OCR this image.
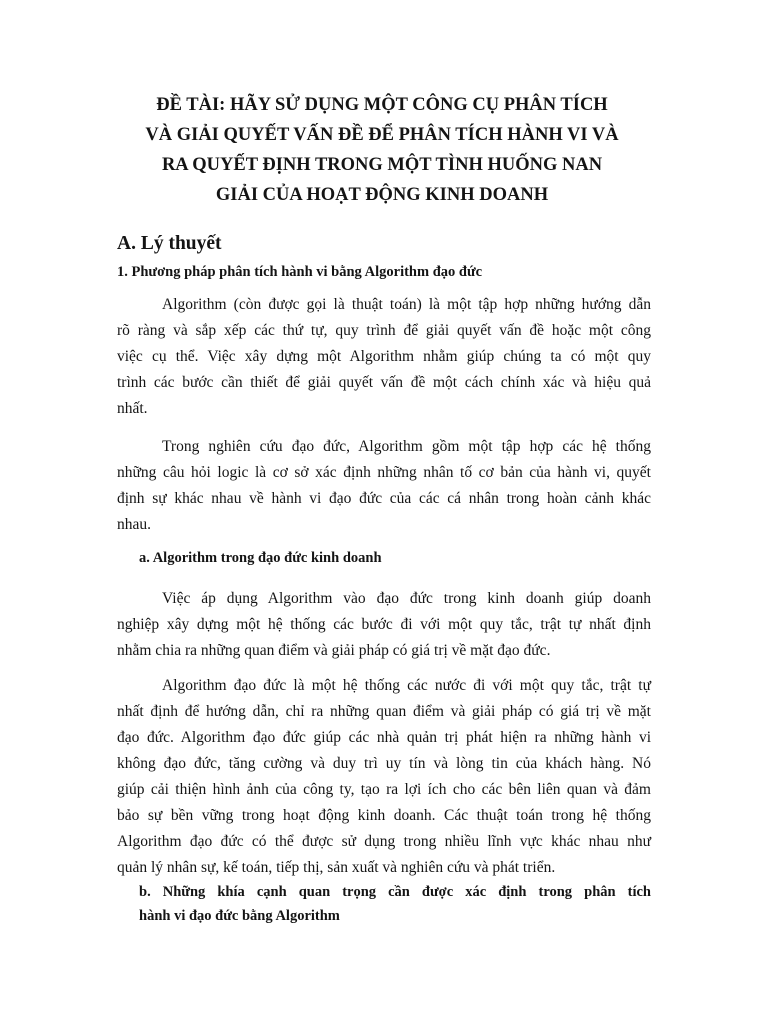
ĐỀ TÀI: HÃY SỬ DỤNG MỘT CÔNG CỤ PHÂN TÍCH
VÀ GIẢI QUYẾT VẤN ĐỀ ĐỂ PHÂN TÍCH HÀNH VI VÀ
RA QUYẾT ĐỊNH TRONG MỘT TÌNH HUỐNG NAN
GIẢI CỦA HOẠT ĐỘNG KINH DOANH
A. Lý thuyết
1. Phương pháp phân tích hành vi bằng Algorithm đạo đức
Algorithm (còn được gọi là thuật toán) là một tập hợp những hướng dẫn
rõ ràng và sắp xếp các thứ tự, quy trình để giải quyết vấn đề hoặc một công
việc cụ thể. Việc xây dựng một Algorithm nhằm giúp chúng ta có một quy
trình các bước cần thiết để giải quyết vấn đề một cách chính xác và hiệu quả
nhất.
Trong nghiên cứu đạo đức, Algorithm gồm một tập hợp các hệ thống
những câu hỏi logic là cơ sở xác định những nhân tố cơ bản của hành vi, quyết
định sự khác nhau về hành vi đạo đức của các cá nhân trong hoàn cảnh khác
nhau.
a. Algorithm trong đạo đức kinh doanh
Việc áp dụng Algorithm vào đạo đức trong kinh doanh giúp doanh
nghiệp xây dựng một hệ thống các bước đi với một quy tắc, trật tự nhất định
nhằm chia ra những quan điểm và giải pháp có giá trị về mặt đạo đức.
Algorithm đạo đức là một hệ thống các nước đi với một quy tắc, trật tự
nhất định để hướng dẫn, chỉ ra những quan điểm và giải pháp có giá trị về mặt
đạo đức. Algorithm đạo đức giúp các nhà quản trị phát hiện ra những hành vi
không đạo đức, tăng cường và duy trì uy tín và lòng tin của khách hàng. Nó
giúp cải thiện hình ảnh của công ty, tạo ra lợi ích cho các bên liên quan và đảm
bảo sự bền vững trong hoạt động kinh doanh. Các thuật toán trong hệ thống
Algorithm đạo đức có thể được sử dụng trong nhiều lĩnh vực khác nhau như
quản lý nhân sự, kế toán, tiếp thị, sản xuất và nghiên cứu và phát triển.
b. Những khía cạnh quan trọng cần được xác định trong phân tích
hành vi đạo đức bằng Algorithm
